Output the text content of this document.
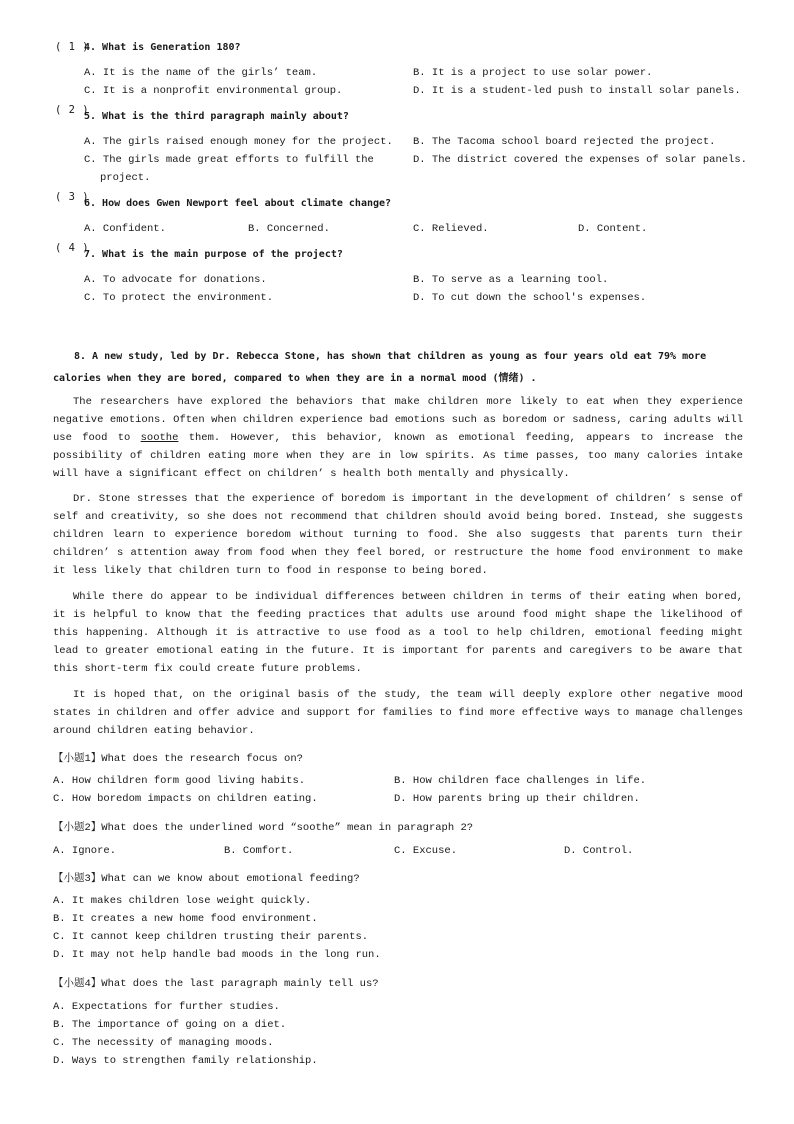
( 1 )
4. What is Generation 180?
A. It is the name of the girls’ team.	B. It is a project to use solar power.
C. It is a nonprofit environmental group.	D. It is a student-led push to install solar panels.
( 2 )
5. What is the third paragraph mainly about?
A. The girls raised enough money for the project. B. The Tacoma school board rejected the project.
C. The girls made great efforts to fulfill the
project.
D. The district covered the expenses of solar panels.
( 3 )
6. How does Gwen Newport feel about climate change?
A. Confident.	B. Concerned.	C. Relieved.	D. Content.
( 4 )
7. What is the main purpose of the project?
A. To advocate for donations.	B. To serve as a learning tool.
C. To protect the environment.	D. To cut down the school's expenses.
8. A new study, led by Dr. Rebecca Stone, has shown that children as young as four years old eat 79% more
calories when they are bored, compared to when they are in a normal mood (情绪) .
The researchers have explored the behaviors that make children more likely to eat when they experience negative emotions. Often when children experience bad emotions such as boredom or sadness, caring adults will use food to soothe them. However, this behavior, known as emotional feeding, appears to increase the possibility of children eating more when they are in low spirits. As time passes, too many calories intake will have a significant effect on children’ s health both mentally and physically.
Dr. Stone stresses that the experience of boredom is important in the development of children’ s sense of self and creativity, so she does not recommend that children should avoid being bored. Instead, she suggests children learn to experience boredom without turning to food. She also suggests that parents turn their children’ s attention away from food when they feel bored, or restructure the home food environment to make it less likely that children turn to food in response to being bored.
While there do appear to be individual differences between children in terms of their eating when bored, it is helpful to know that the feeding practices that adults use around food might shape the likelihood of this happening. Although it is attractive to use food as a tool to help children, emotional feeding might lead to greater emotional eating in the future. It is important for parents and caregivers to be aware that this short-term fix could create future problems.
It is hoped that, on the original basis of the study, the team will deeply explore other negative mood states in children and offer advice and support for families to find more effective ways to manage challenges around children eating behavior.
【小题1】What does the research focus on?
A. How children form good living habits.	B. How children face challenges in life.
C. How boredom impacts on children eating.	D. How parents bring up their children.
【小题2】What does the underlined word “soothe” mean in paragraph 2?
A. Ignore.	B. Comfort.	C. Excuse.	D. Control.
【小题3】What can we know about emotional feeding?
A. It makes children lose weight quickly.
B. It creates a new home food environment.
C. It cannot keep children trusting their parents.
D. It may not help handle bad moods in the long run.
【小题4】What does the last paragraph mainly tell us?
A. Expectations for further studies.
B. The importance of going on a diet.
C. The necessity of managing moods.
D. Ways to strengthen family relationship.
